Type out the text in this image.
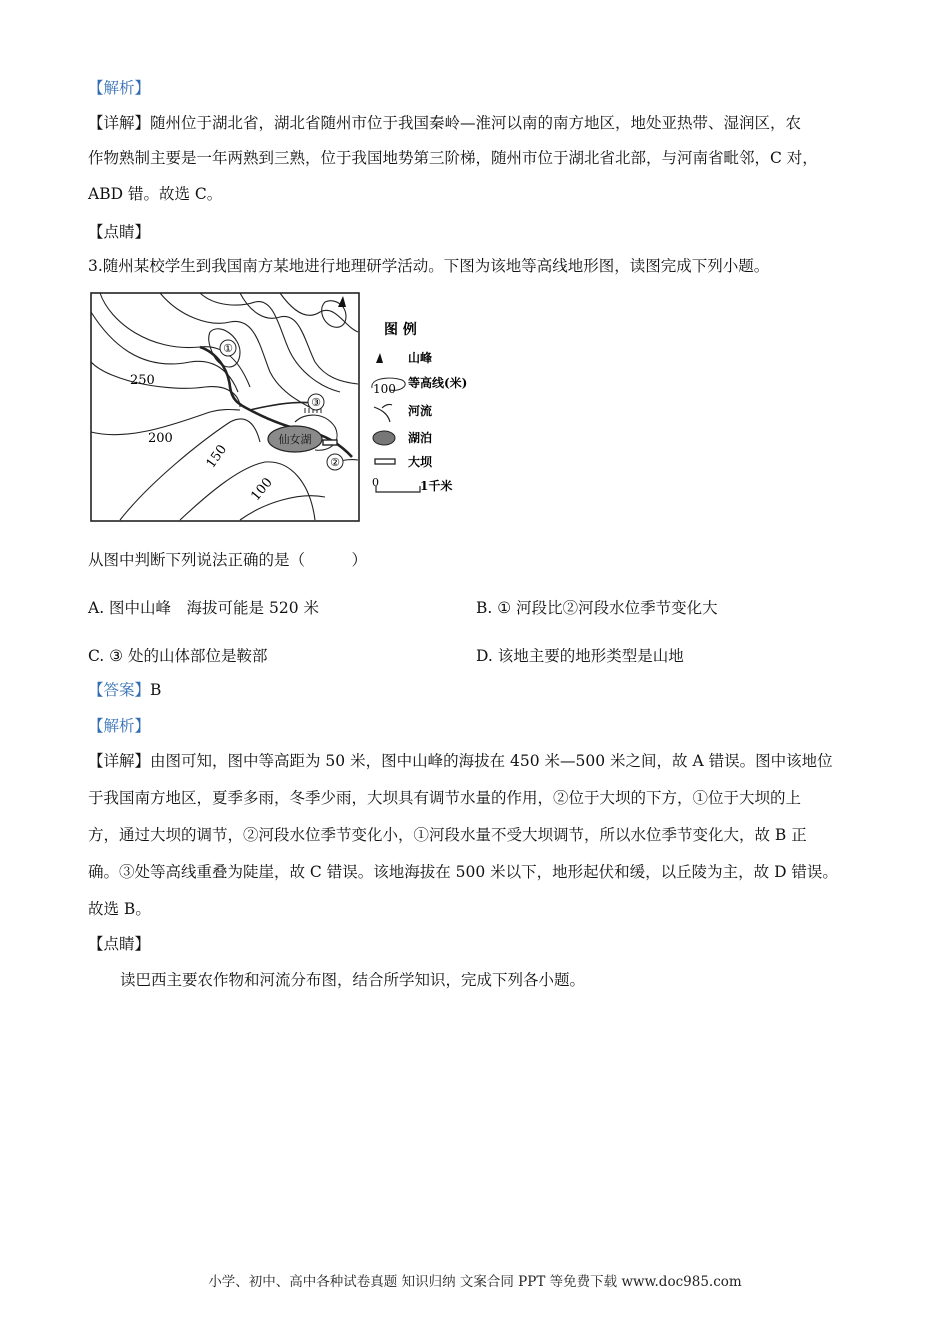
【解析】
【详解】随州位于湖北省，湖北省随州市位于我国秦岭—淮河以南的南方地区，地处亚热带、湿润区，农
作物熟制主要是一年两熟到三熟，位于我国地势第三阶梯，随州市位于湖北省北部，与河南省毗邻，C 对，
ABD 错。故选 C。
【点睛】
3.随州某校学生到我国南方某地进行地理研学活动。下图为该地等高线地形图，读图完成下列小题。
仙女湖
250
200
150
100
①
③
②
图 例
山峰
100 等高线(米)
河流
湖泊
大坝
0	1千米
从图中判断下列说法正确的是（　　　）
A. 图中山峰　海拔可能是 520 米	B. ① 河段比②河段水位季节变化大
C. ③ 处的山体部位是鞍部	D. 该地主要的地形类型是山地
【答案】B
【解析】
【详解】由图可知，图中等高距为 50 米，图中山峰的海拔在 450 米—500 米之间，故 A 错误。图中该地位
于我国南方地区，夏季多雨，冬季少雨，大坝具有调节水量的作用，②位于大坝的下方，①位于大坝的上
方，通过大坝的调节，②河段水位季节变化小，①河段水量不受大坝调节，所以水位季节变化大，故 B 正
确。③处等高线重叠为陡崖，故 C 错误。该地海拔在 500 米以下，地形起伏和缓，以丘陵为主，故 D 错误。
故选 B。
【点睛】
读巴西主要农作物和河流分布图，结合所学知识，完成下列各小题。
小学、初中、高中各种试卷真题 知识归纳 文案合同 PPT 等免费下载 www.doc985.com
